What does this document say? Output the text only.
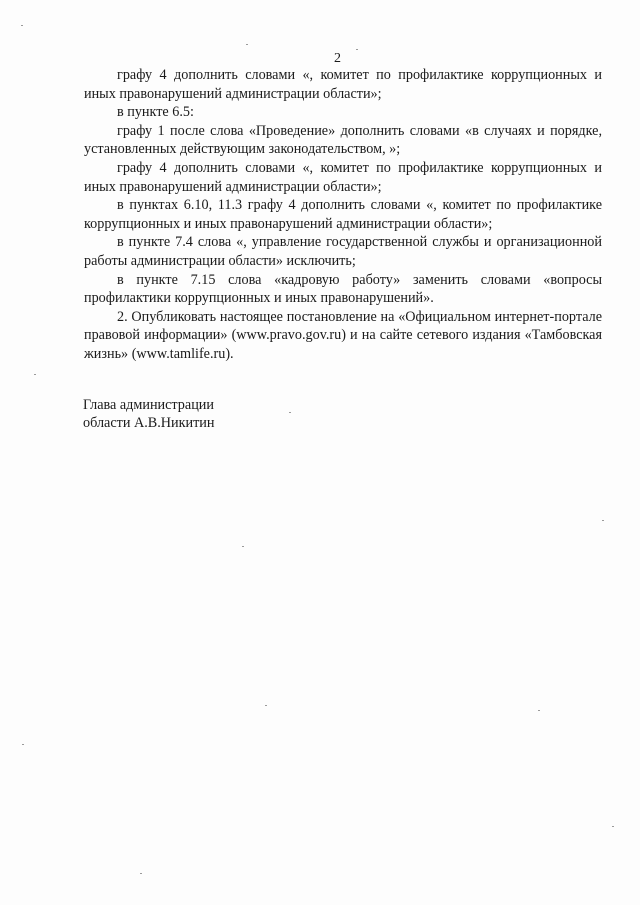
2

графу 4 дополнить словами «, комитет по профилактике коррупционных и иных правонарушений администрации области»;

в пункте 6.5:

графу 1 после слова «Проведение» дополнить словами «в случаях и порядке, установленных действующим законодательством, »;

графу 4 дополнить словами «, комитет по профилактике коррупционных и иных правонарушений администрации области»;

в пунктах 6.10, 11.3 графу 4 дополнить словами «, комитет по профилактике коррупционных и иных правонарушений администрации области»;

в пункте 7.4 слова «, управление государственной службы и организационной работы администрации области» исключить;

в пункте 7.15 слова «кадровую работу» заменить словами «вопросы профилактики коррупционных и иных правонарушений».

2. Опубликовать настоящее постановление на «Официальном интернет-портале правовой информации» (www.pravo.gov.ru) и на сайте сетевого издания «Тамбовская жизнь» (www.tamlife.ru).

Глава администрации
области А.В.Никитин
